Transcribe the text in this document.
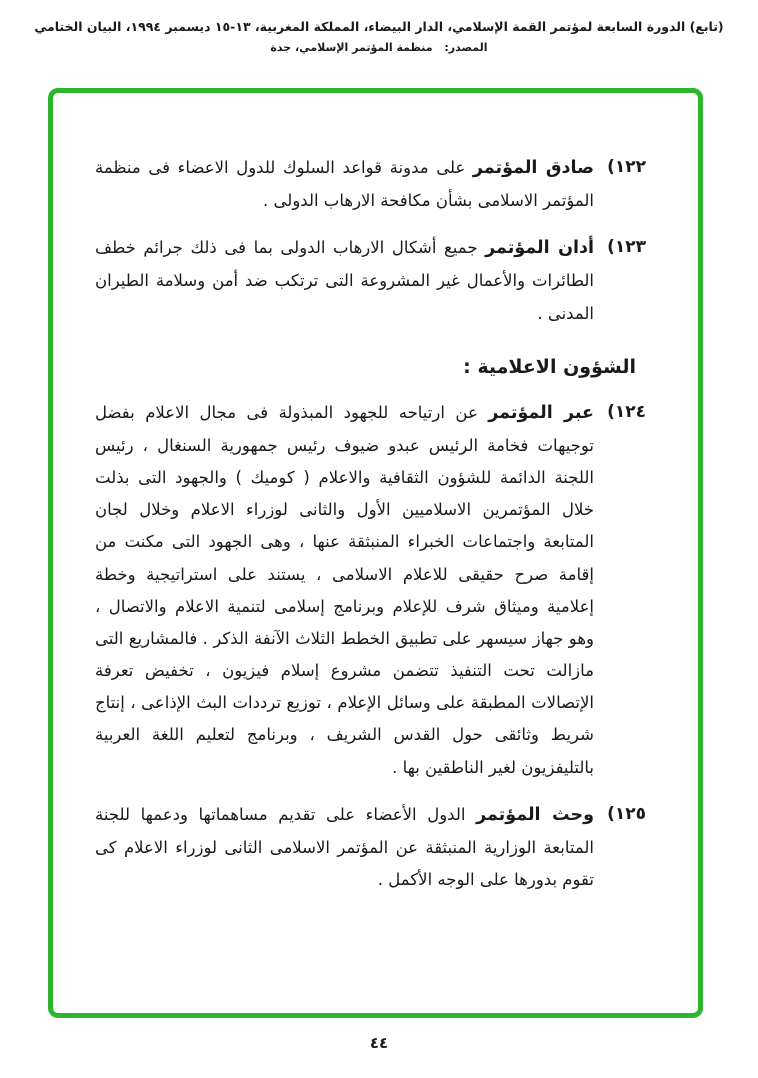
(تابع) الدورة السابعة لمؤتمر القمة الإسلامي، الدار البيضاء، المملكة المغربية، ١٣-١٥ ديسمبر ١٩٩٤، البيان الختامي
المصدر: منظمة المؤتمر الإسلامي، جدة
١٢٢)
صادق المؤتمر على مدونة قواعد السلوك للدول الاعضاء فى منظمة المؤتمر الاسلامى بشأن مكافحة الارهاب الدولى .
١٢٣)
أدان المؤتمر جميع أشكال الارهاب الدولى بما فى ذلك جرائم خطف الطائرات والأعمال غير المشروعة التى ترتكب ضد أمن وسلامة الطيران المدنى .
الشؤون الاعلامية :
١٢٤)
عبر المؤتمر عن ارتياحه للجهود المبذولة فى مجال الاعلام بفضل توجيهات فخامة الرئيس عبدو ضيوف رئيس جمهورية السنغال ، رئيس اللجنة الدائمة للشؤون الثقافية والاعلام ( كوميك ) والجهود التى بذلت خلال المؤتمرين الاسلاميين الأول والثانى لوزراء الاعلام وخلال لجان المتابعة واجتماعات الخبراء المنبثقة عنها ، وهى الجهود التى مكنت من إقامة صرح حقيقى للاعلام الاسلامى ، يستند على استراتيجية وخطة إعلامية وميثاق شرف للإعلام وبرنامج إسلامى لتنمية الاعلام والاتصال ، وهو جهاز سيسهر على تطبيق الخطط الثلاث الآنفة الذكر . فالمشاريع التى مازالت تحت التنفيذ تتضمن مشروع إسلام فيزيون ، تخفيض تعرفة الإتصالات المطبقة على وسائل الإعلام ، توزيع ترددات البث الإذاعى ، إنتاج شريط وثائقى حول القدس الشريف ، وبرنامج لتعليم اللغة العربية بالتليفزيون لغير الناطقين بها .
١٢٥)
وحث المؤتمر الدول الأعضاء على تقديم مساهماتها ودعمها للجنة المتابعة الوزارية المنبثقة عن المؤتمر الاسلامى الثانى لوزراء الاعلام كى تقوم بدورها على الوجه الأكمل .
٤٤
